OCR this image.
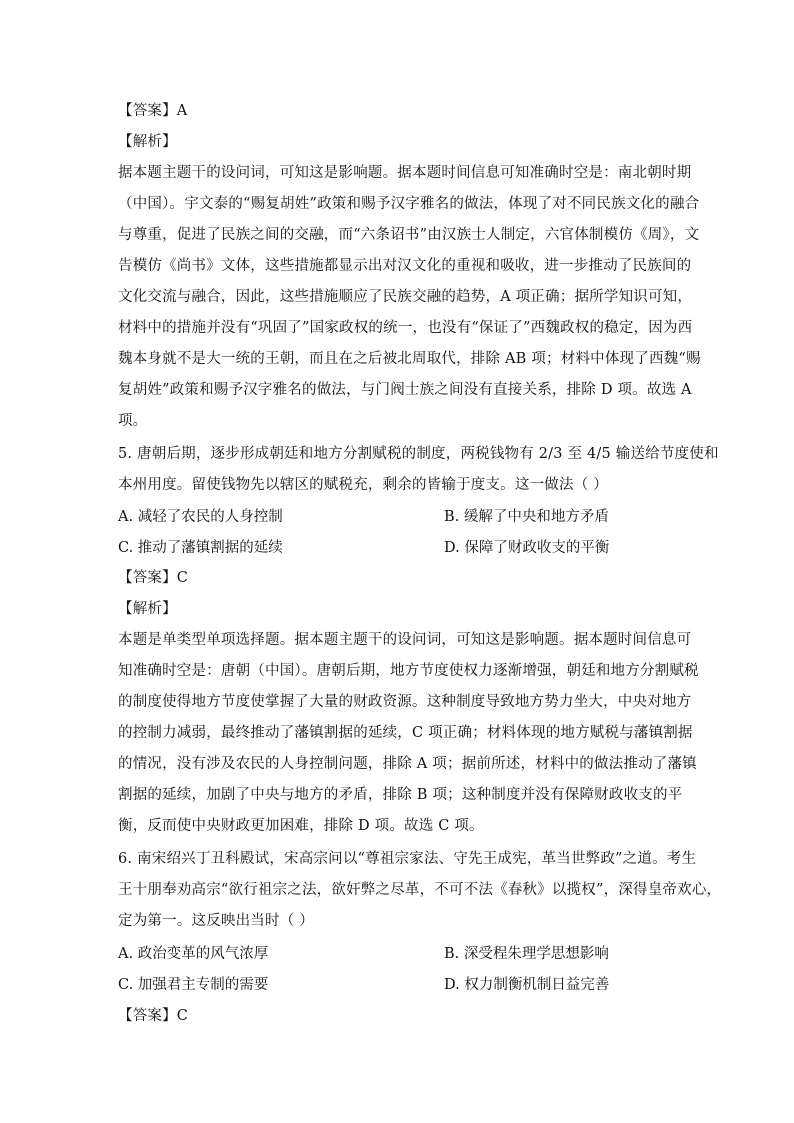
【答案】A
【解析】
据本题主题干的设问词，可知这是影响题。据本题时间信息可知准确时空是：南北朝时期
（中国）。宇文泰的“赐复胡姓”政策和赐予汉字雅名的做法，体现了对不同民族文化的融合
与尊重，促进了民族之间的交融，而“六条诏书”由汉族士人制定，六官体制模仿《周》，文
告模仿《尚书》文体，这些措施都显示出对汉文化的重视和吸收，进一步推动了民族间的
文化交流与融合，因此，这些措施顺应了民族交融的趋势，A 项正确；据所学知识可知，
材料中的措施并没有“巩固了”国家政权的统一，也没有“保证了”西魏政权的稳定，因为西
魏本身就不是大一统的王朝，而且在之后被北周取代，排除 AB 项；材料中体现了西魏“赐
复胡姓”政策和赐予汉字雅名的做法，与门阀士族之间没有直接关系，排除 D 项。故选 A
项。
5. 唐朝后期，逐步形成朝廷和地方分割赋税的制度，两税钱物有 2/3 至 4/5 输送给节度使和
本州用度。留使钱物先以辖区的赋税充，剩余的皆输于度支。这一做法（ ）
A. 减轻了农民的人身控制	B. 缓解了中央和地方矛盾
C. 推动了藩镇割据的延续	D. 保障了财政收支的平衡
【答案】C
【解析】
本题是单类型单项选择题。据本题主题干的设问词，可知这是影响题。据本题时间信息可
知准确时空是：唐朝（中国）。唐朝后期，地方节度使权力逐渐增强，朝廷和地方分割赋税
的制度使得地方节度使掌握了大量的财政资源。这种制度导致地方势力坐大，中央对地方
的控制力减弱，最终推动了藩镇割据的延续，C 项正确；材料体现的地方赋税与藩镇割据
的情况，没有涉及农民的人身控制问题，排除 A 项；据前所述，材料中的做法推动了藩镇
割据的延续，加剧了中央与地方的矛盾，排除 B 项；这种制度并没有保障财政收支的平
衡，反而使中央财政更加困难，排除 D 项。故选 C 项。
6. 南宋绍兴丁丑科殿试，宋高宗问以“尊祖宗家法、守先王成宪，革当世弊政”之道。考生
王十朋奉劝高宗“欲行祖宗之法，欲奸弊之尽革，不可不法《春秋》以揽权”，深得皇帝欢心，
定为第一。这反映出当时（ ）
A. 政治变革的风气浓厚	B. 深受程朱理学思想影响
C. 加强君主专制的需要	D. 权力制衡机制日益完善
【答案】C
